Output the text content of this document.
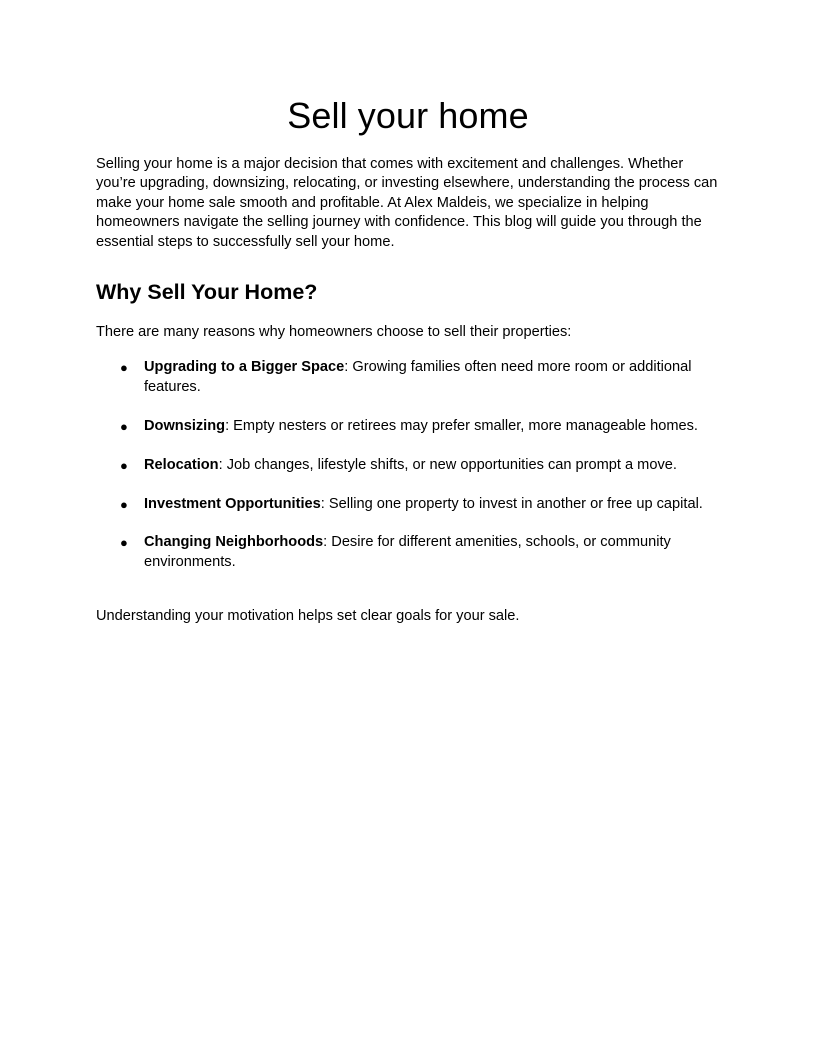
Sell your home

Selling your home is a major decision that comes with excitement and challenges. Whether you’re upgrading, downsizing, relocating, or investing elsewhere, understanding the process can make your home sale smooth and profitable. At Alex Maldeis, we specialize in helping homeowners navigate the selling journey with confidence. This blog will guide you through the essential steps to successfully sell your home.

Why Sell Your Home?

There are many reasons why homeowners choose to sell their properties:

● Upgrading to a Bigger Space: Growing families often need more room or additional features.
● Downsizing: Empty nesters or retirees may prefer smaller, more manageable homes.
● Relocation: Job changes, lifestyle shifts, or new opportunities can prompt a move.
● Investment Opportunities: Selling one property to invest in another or free up capital.
● Changing Neighborhoods: Desire for different amenities, schools, or community environments.

Understanding your motivation helps set clear goals for your sale.
